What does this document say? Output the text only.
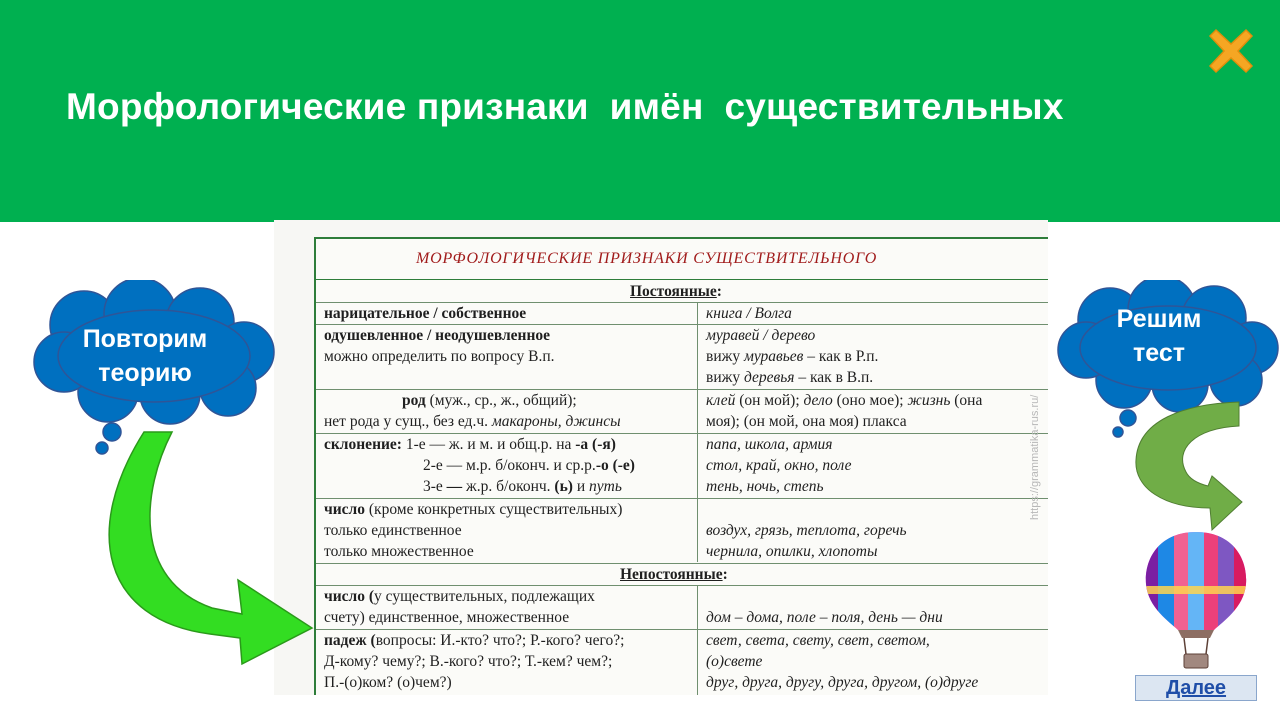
Морфологические признаки  имён  существительных
МОРФОЛОГИЧЕСКИЕ ПРИЗНАКИ СУЩЕСТВИТЕЛЬНОГО
Постоянные:
нарицательное / собственное	книга / Волга
одушевленное / неодушевленное
можно определить по вопросу В.п.
муравей / дерево
вижу муравьев – как в Р.п.
вижу деревья – как в В.п.
род (муж., ср., ж., общий);
нет рода у сущ., без ед.ч. макароны, джинсы
клей (он мой); дело (оно мое); жизнь (она
моя); (он мой, она моя) плакса
склонение: 1-е — ж. и м. и общ.р. на -а (-я)
2-е — м.р. б/оконч. и ср.р.-о (-е)
3-е — ж.р. б/оконч. (ь) и путь
папа, школа, армия
стол, край, окно, поле
тень, ночь, степь
число (кроме конкретных существительных)
только единственное
только множественное
воздух, грязь, теплота, горечь
чернила, опилки, хлопоты
Непостоянные:
число (у существительных, подлежащих
счету) единственное, множественное	дом – дома, поле – поля, день — дни
падеж (вопросы: И.-кто? что?; Р.-кого? чего?;
Д-кому? чему?; В.-кого? что?; Т.-кем? чем?;
П.-(о)ком? (о)чем?)
свет, света, свету, свет, светом,
(о)свете
друг, друга, другу, друга, другом, (о)друге
https://grammatika-rus.ru/
Повторим
теорию
Решим
тест
Далее
